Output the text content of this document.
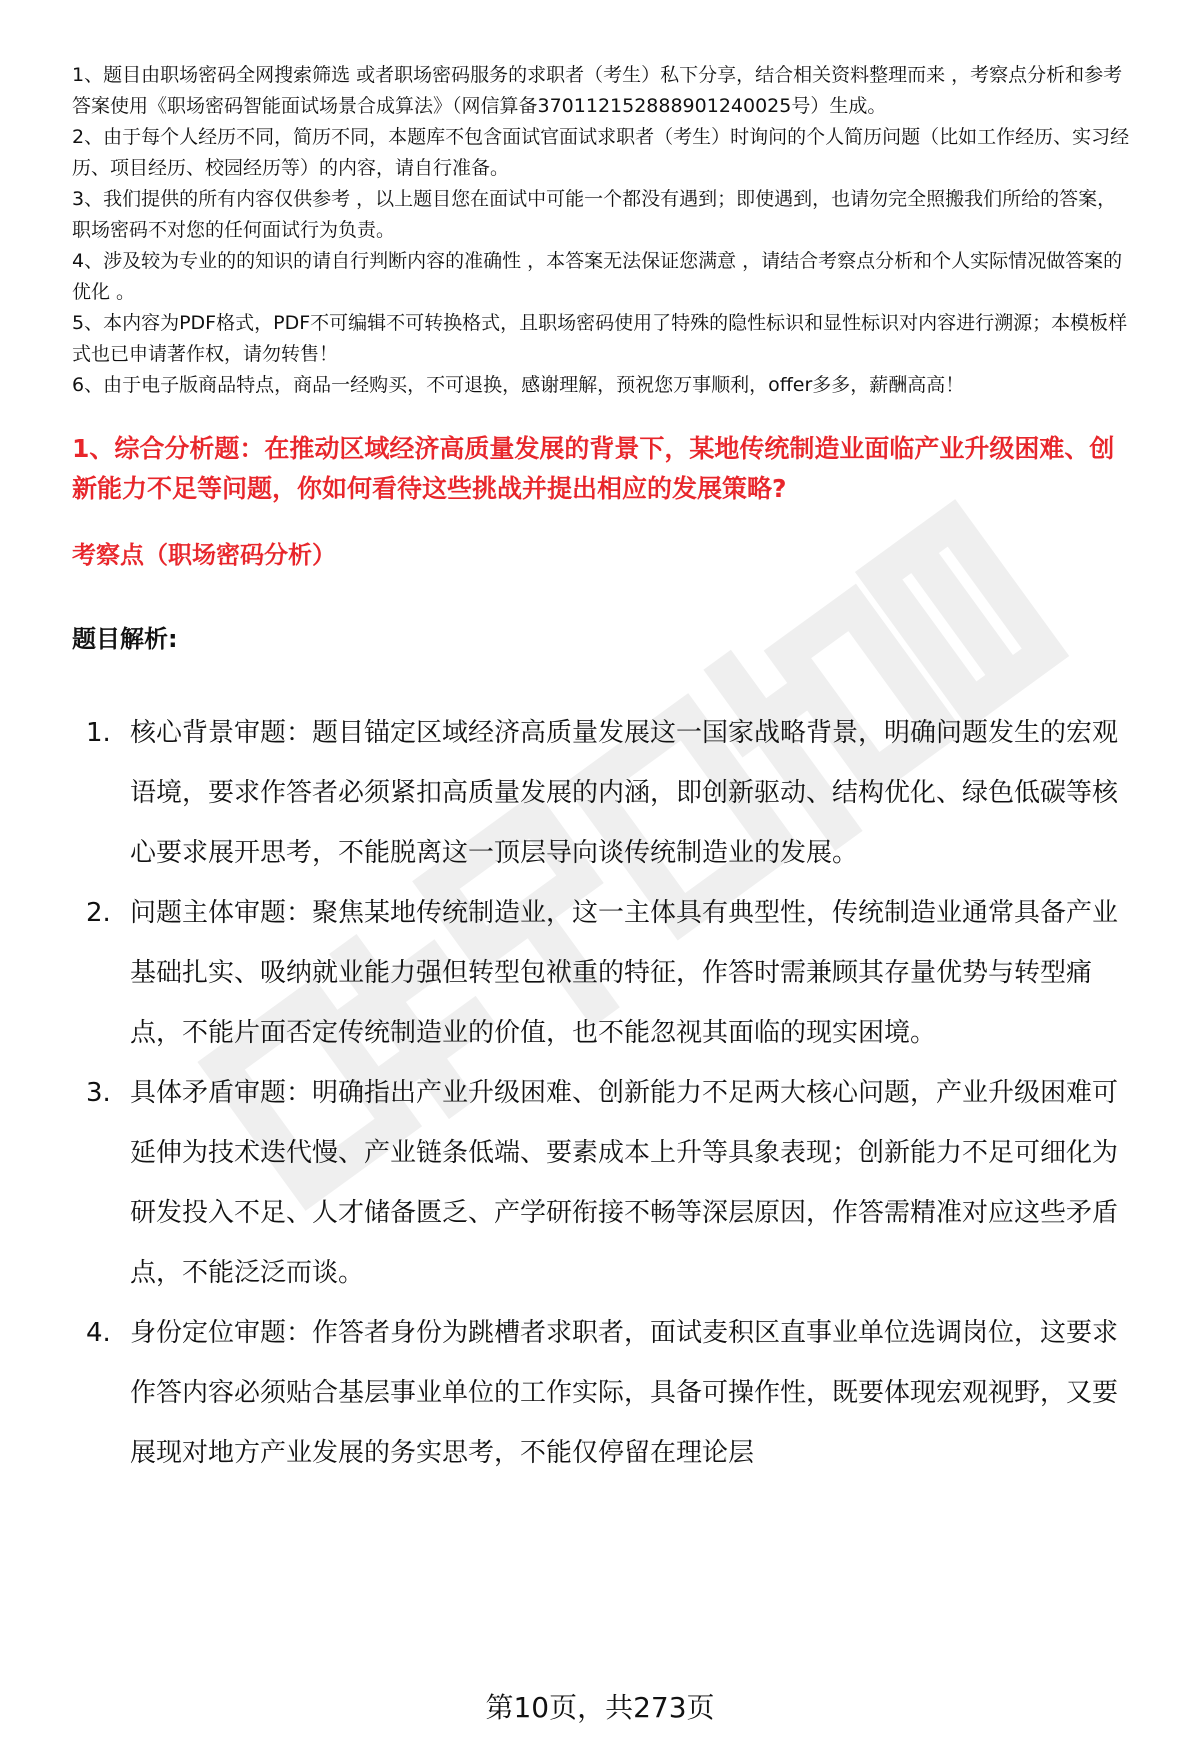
1、题目由职场密码全网搜索筛选 或者职场密码服务的求职者（考生）私下分享，结合相关资料整理而来 ，考察点分析和参考答案使用《职场密码智能面试场景合成算法》（网信算备370112152888901240025号）生成。

2、由于每个人经历不同，简历不同，本题库不包含面试官面试求职者（考生）时询问的个人简历问题（比如工作经历、实习经历、项目经历、校园经历等）的内容，请自行准备。

3、我们提供的所有内容仅供参考 ，以上题目您在面试中可能一个都没有遇到；即使遇到，也请勿完全照搬我们所给的答案，职场密码不对您的任何面试行为负责。

4、涉及较为专业的的知识的请自行判断内容的准确性 ，本答案无法保证您满意 ，请结合考察点分析和个人实际情况做答案的优化 。

5、本内容为PDF格式，PDF不可编辑不可转换格式，且职场密码使用了特殊的隐性标识和显性标识对内容进行溯源；本模板样式也已申请著作权，请勿转售！

6、由于电子版商品特点，商品一经购买，不可退换，感谢理解，预祝您万事顺利，offer多多，薪酬高高！

1、综合分析题：在推动区域经济高质量发展的背景下，某地传统制造业面临产业升级困难、创新能力不足等问题，你如何看待这些挑战并提出相应的发展策略?
考察点（职场密码分析）
题目解析:
1. 核心背景审题：题目锚定区域经济高质量发展这一国家战略背景，明确问题发生的宏观语境，要求作答者必须紧扣高质量发展的内涵，即创新驱动、结构优化、绿色低碳等核心要求展开思考，不能脱离这一顶层导向谈传统制造业的发展。
2. 问题主体审题：聚焦某地传统制造业，这一主体具有典型性，传统制造业通常具备产业基础扎实、吸纳就业能力强但转型包袱重的特征，作答时需兼顾其存量优势与转型痛点，不能片面否定传统制造业的价值，也不能忽视其面临的现实困境。
3. 具体矛盾审题：明确指出产业升级困难、创新能力不足两大核心问题，产业升级困难可延伸为技术迭代慢、产业链条低端、要素成本上升等具象表现；创新能力不足可细化为研发投入不足、人才储备匮乏、产学研衔接不畅等深层原因，作答需精准对应这些矛盾点，不能泛泛而谈。
4. 身份定位审题：作答者身份为跳槽者求职者，面试麦积区直事业单位选调岗位，这要求作答内容必须贴合基层事业单位的工作实际，具备可操作性，既要体现宏观视野，又要展现对地方产业发展的务实思考，不能仅停留在理论层
第10页，共273页
